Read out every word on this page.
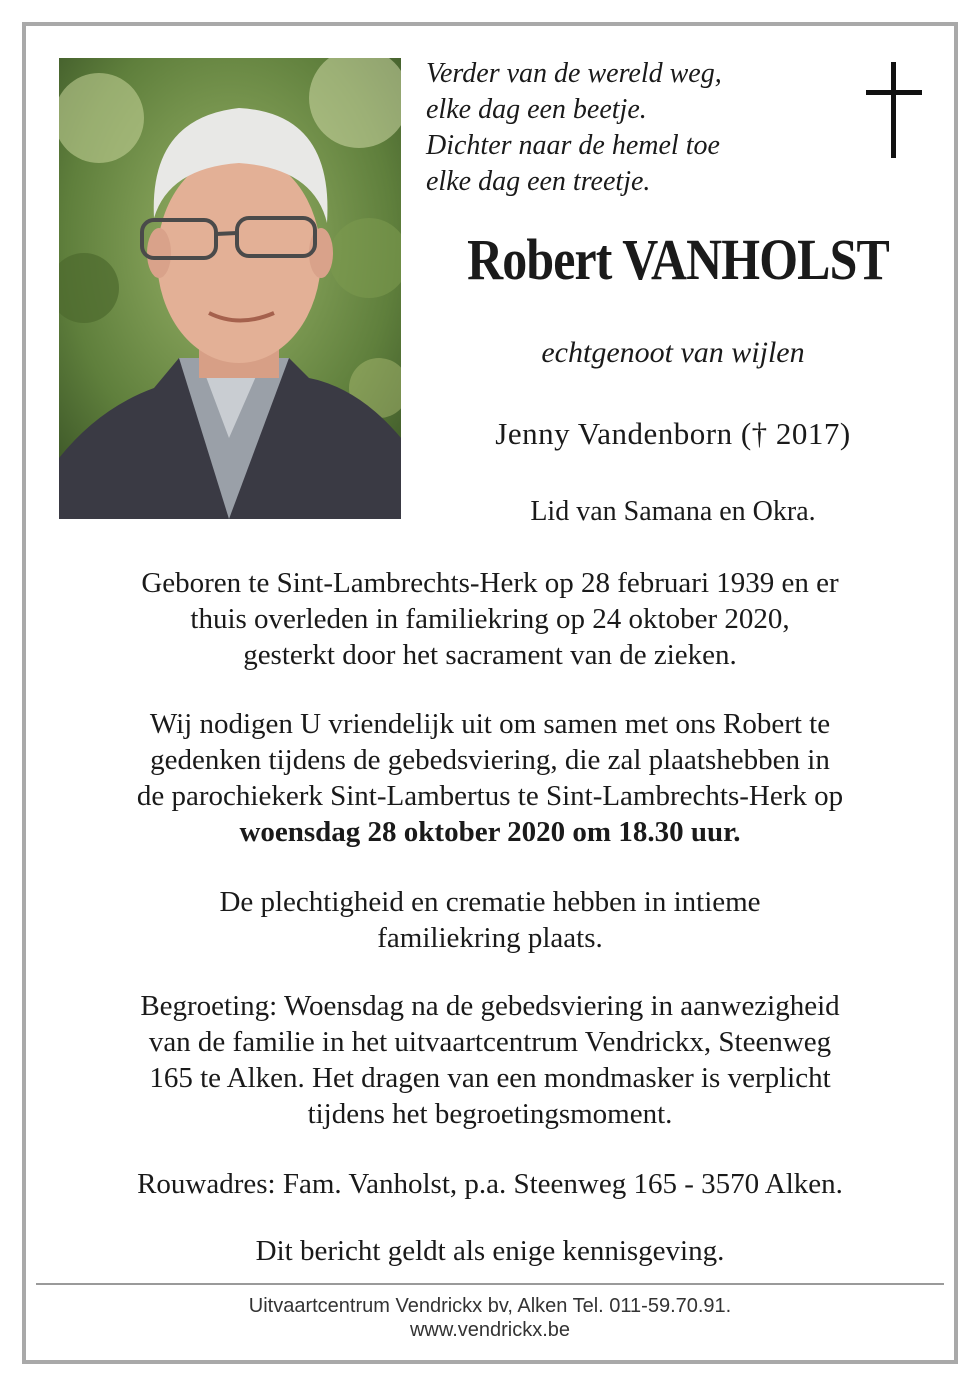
Verder van de wereld weg,
elke dag een beetje.
Dichter naar de hemel toe
elke dag een treetje.
Robert VANHOLST
echtgenoot van wijlen
Jenny Vandenborn († 2017)
Lid van Samana en Okra.
Geboren te Sint-Lambrechts-Herk op 28 februari 1939 en er
thuis overleden in familiekring op 24 oktober 2020,
gesterkt door het sacrament van de zieken.
Wij nodigen U vriendelijk uit om samen met ons Robert te
gedenken tijdens de gebedsviering, die zal plaatshebben in
de parochiekerk Sint-Lambertus te Sint-Lambrechts-Herk op
woensdag 28 oktober 2020 om 18.30 uur.
De plechtigheid en crematie hebben in intieme
familiekring plaats.
Begroeting: Woensdag na de gebedsviering in aanwezigheid
van de familie in het uitvaartcentrum Vendrickx, Steenweg
165 te Alken. Het dragen van een mondmasker is verplicht
tijdens het begroetingsmoment.
Rouwadres: Fam. Vanholst, p.a. Steenweg 165 - 3570 Alken.
Dit bericht geldt als enige kennisgeving.
Uitvaartcentrum Vendrickx bv, Alken Tel. 011-59.70.91.
www.vendrickx.be
